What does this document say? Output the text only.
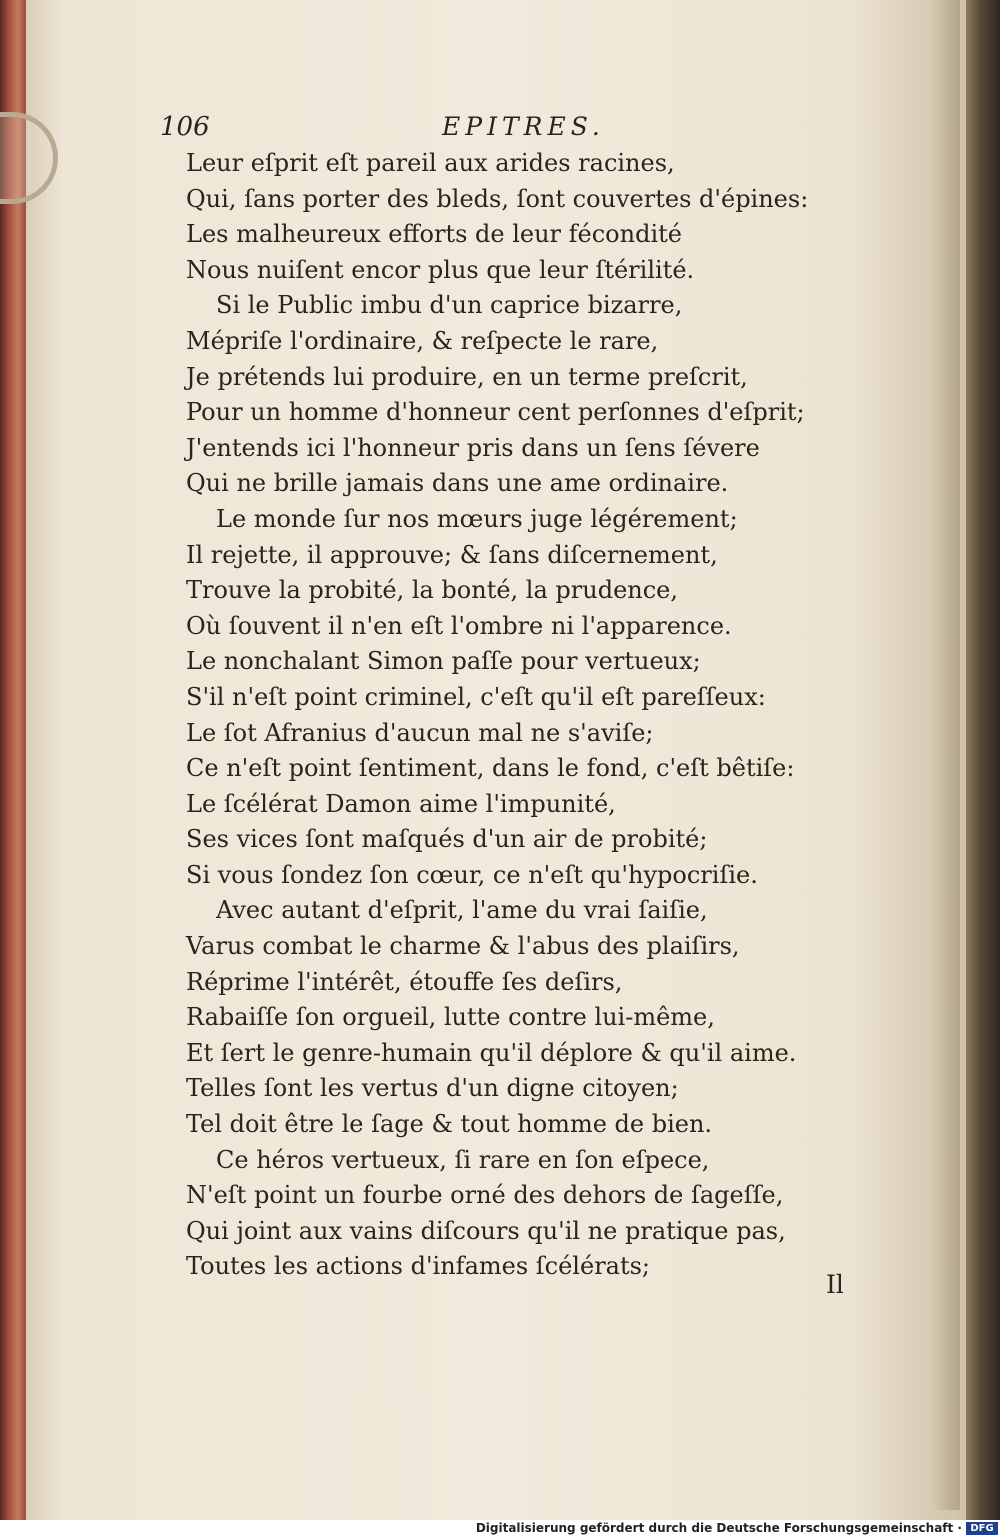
106	EPITRES.
Leur eſprit eſt pareil aux arides racines,
Qui, ſans porter des bleds, ſont couvertes d'épines:
Les malheureux efforts de leur fécondité
Nous nuiſent encor plus que leur ſtérilité.
Si le Public imbu d'un caprice bizarre,
Mépriſe l'ordinaire, & reſpecte le rare,
Je prétends lui produire, en un terme preſcrit,
Pour un homme d'honneur cent perſonnes d'eſprit;
J'entends ici l'honneur pris dans un ſens ſévere
Qui ne brille jamais dans une ame ordinaire.
Le monde ſur nos mœurs juge légérement;
Il rejette, il approuve; & ſans diſcernement,
Trouve la probité, la bonté, la prudence,
Où ſouvent il n'en eſt l'ombre ni l'apparence.
Le nonchalant Simon paſſe pour vertueux;
S'il n'eſt point criminel, c'eſt qu'il eſt pareſſeux:
Le ſot Afranius d'aucun mal ne s'aviſe;
Ce n'eſt point ſentiment, dans le fond, c'eſt bêtiſe:
Le ſcélérat Damon aime l'impunité,
Ses vices ſont maſqués d'un air de probité;
Si vous ſondez ſon cœur, ce n'eſt qu'hypocriſie.
Avec autant d'eſprit, l'ame du vrai ſaiſie,
Varus combat le charme & l'abus des plaiſirs,
Réprime l'intérêt, étouffe ſes deſirs,
Rabaiſſe ſon orgueil, lutte contre lui-même,
Et ſert le genre-humain qu'il déplore & qu'il aime.
Telles ſont les vertus d'un digne citoyen;
Tel doit être le ſage & tout homme de bien.
Ce héros vertueux, ſi rare en ſon eſpece,
N'eſt point un fourbe orné des dehors de ſageſſe,
Qui joint aux vains diſcours qu'il ne pratique pas,
Toutes les actions d'infames ſcélérats;
Il
Digitalisierung gefördert durch die Deutsche Forschungsgemeinschaft · DFG
